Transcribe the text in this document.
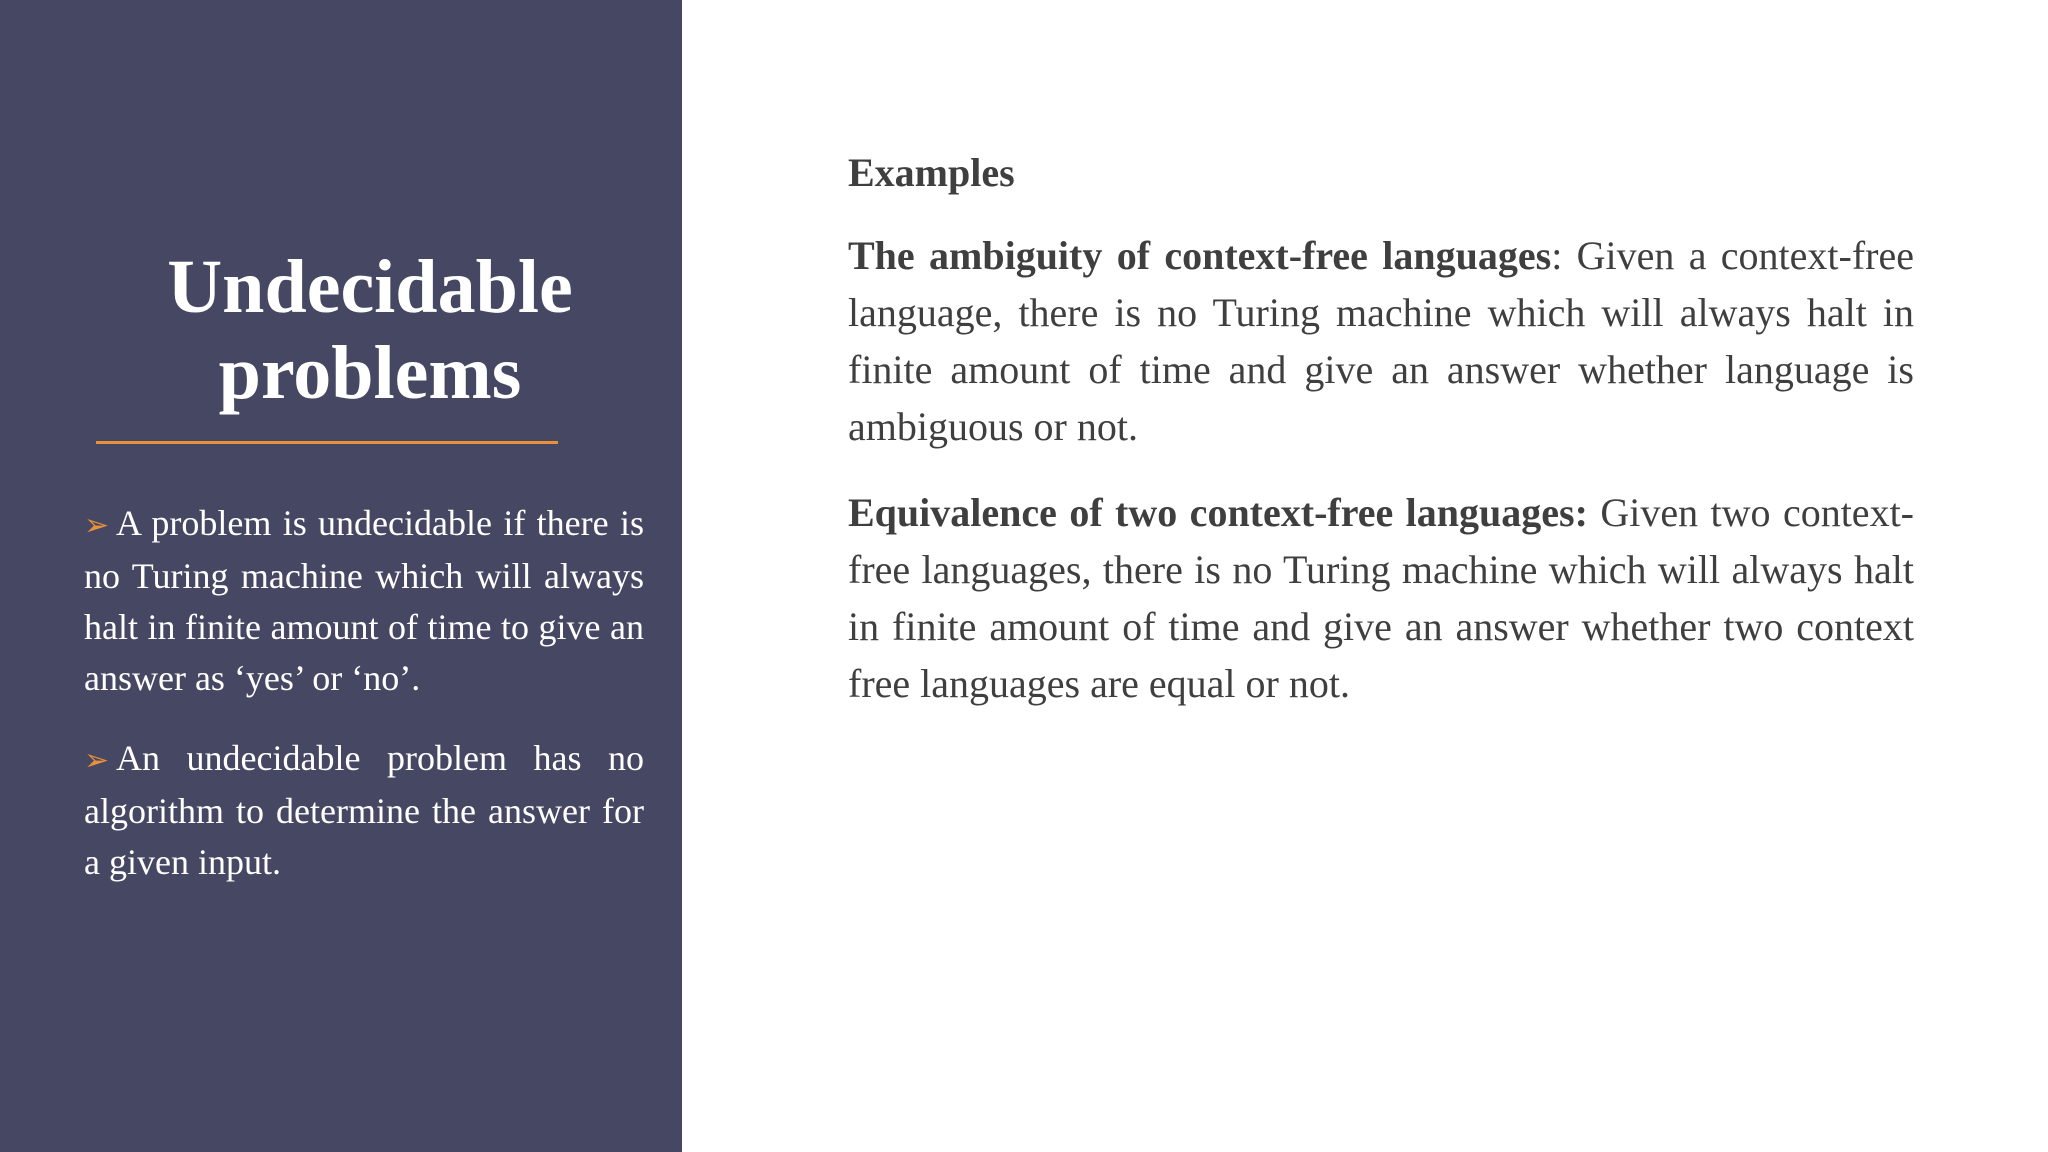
Undecidable problems
➢ A problem is undecidable if there is no Turing machine which will always halt in finite amount of time to give an answer as ‘yes’ or ‘no’.
➢ An undecidable problem has no algorithm to determine the answer for a given input.

Examples

The ambiguity of context-free languages: Given a context-free language, there is no Turing machine which will always halt in finite amount of time and give an answer whether language is ambiguous or not.

Equivalence of two context-free languages: Given two context-free languages, there is no Turing machine which will always halt in finite amount of time and give an answer whether two context free languages are equal or not.
